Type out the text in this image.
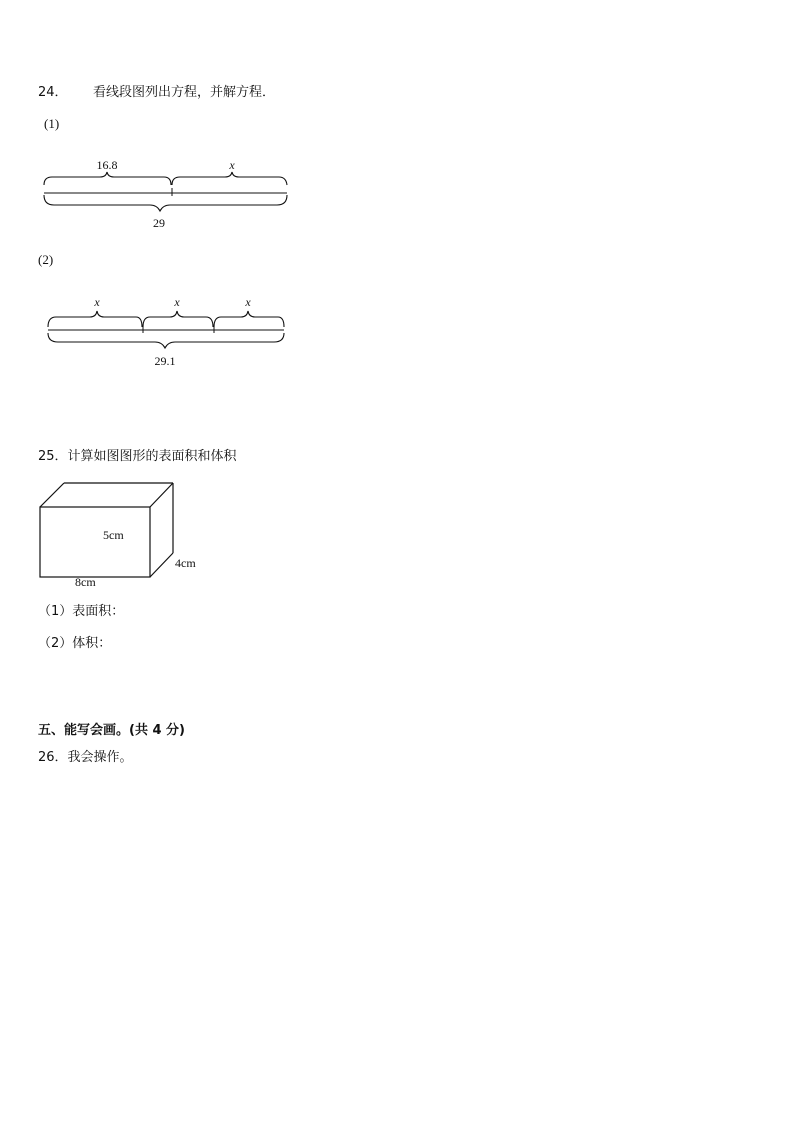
24． 看线段图列出方程，并解方程．
(1)
16.8	x
29
x	x	x
29.1
5cm
4cm
8cm
(2)
25．计算如图图形的表面积和体积
（1）表面积：
（2）体积：
五、能写会画。(共 4 分)
26．我会操作。
